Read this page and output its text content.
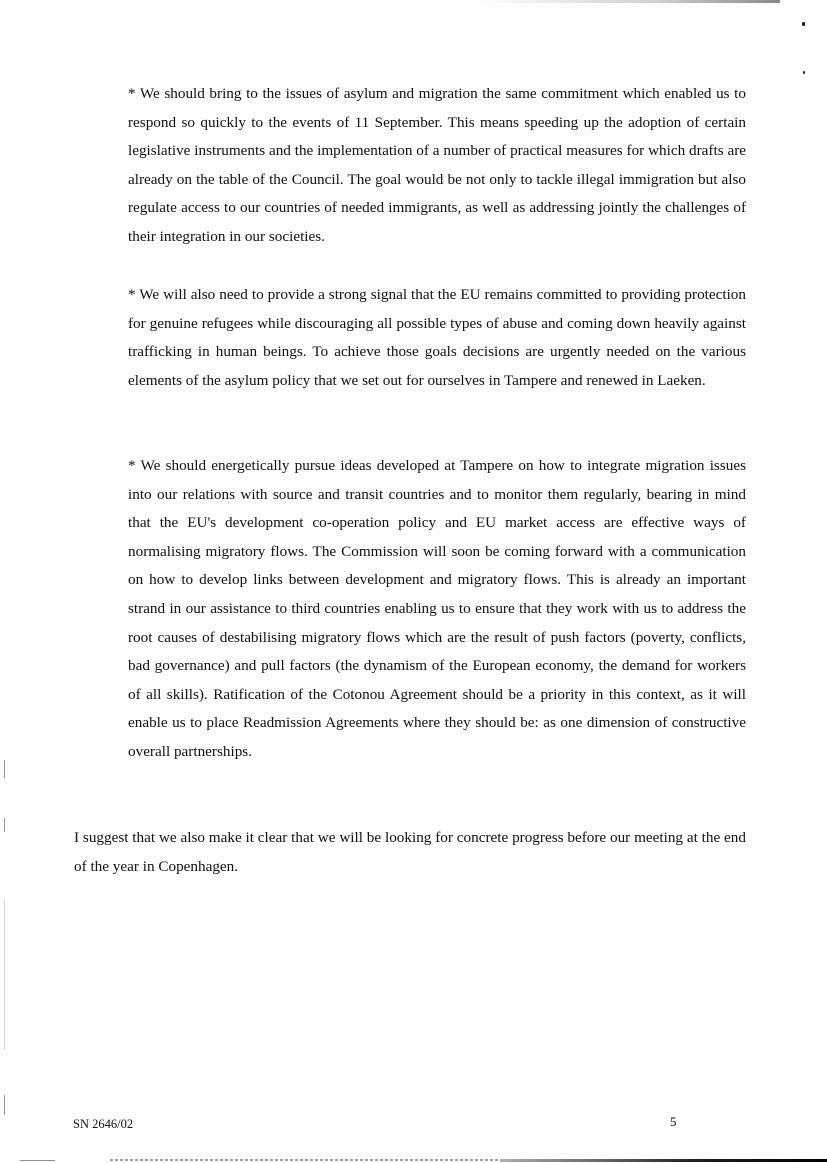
* We should bring to the issues of asylum and migration the same commitment which enabled us to respond so quickly to the events of 11 September. This means speeding up the adoption of certain legislative instruments and the implementation of a number of practical measures for which drafts are already on the table of the Council. The goal would be not only to tackle illegal immigration but also regulate access to our countries of needed immigrants, as well as addressing jointly the challenges of their integration in our societies.

* We will also need to provide a strong signal that the EU remains committed to providing protection for genuine refugees while discouraging all possible types of abuse and coming down heavily against trafficking in human beings. To achieve those goals decisions are urgently needed on the various elements of the asylum policy that we set out for ourselves in Tampere and renewed in Laeken.

* We should energetically pursue ideas developed at Tampere on how to integrate migration issues into our relations with source and transit countries and to monitor them regularly, bearing in mind that the EU's development co-operation policy and EU market access are effective ways of normalising migratory flows. The Commission will soon be coming forward with a communication on how to develop links between development and migratory flows. This is already an important strand in our assistance to third countries enabling us to ensure that they work with us to address the root causes of destabilising migratory flows which are the result of push factors (poverty, conflicts, bad governance) and pull factors (the dynamism of the European economy, the demand for workers of all skills). Ratification of the Cotonou Agreement should be a priority in this context, as it will enable us to place Readmission Agreements where they should be: as one dimension of constructive overall partnerships.

I suggest that we also make it clear that we will be looking for concrete progress before our meeting at the end of the year in Copenhagen.

SN 2646/02	5
